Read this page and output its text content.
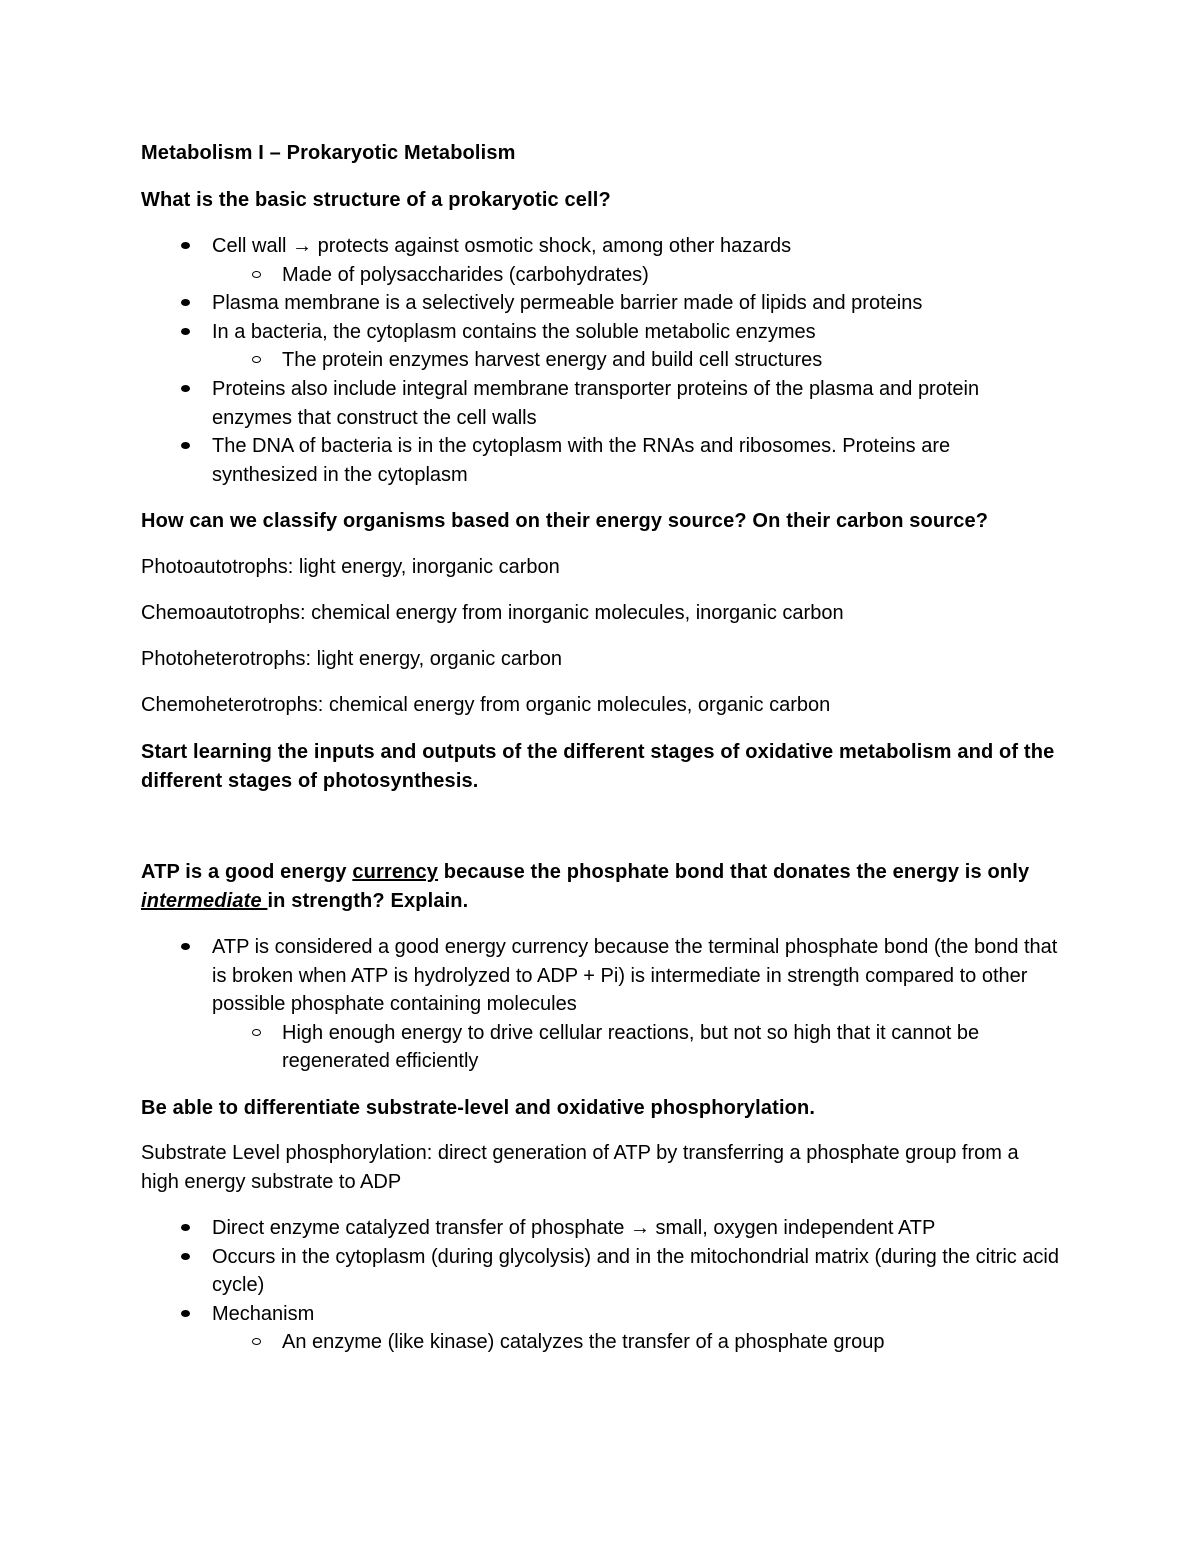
Metabolism I – Prokaryotic Metabolism

What is the basic structure of a prokaryotic cell?

Cell wall → protects against osmotic shock, among other hazards
Made of polysaccharides (carbohydrates)
Plasma membrane is a selectively permeable barrier made of lipids and proteins
In a bacteria, the cytoplasm contains the soluble metabolic enzymes
The protein enzymes harvest energy and build cell structures
Proteins also include integral membrane transporter proteins of the plasma and protein enzymes that construct the cell walls
The DNA of bacteria is in the cytoplasm with the RNAs and ribosomes. Proteins are synthesized in the cytoplasm

How can we classify organisms based on their energy source? On their carbon source?

Photoautotrophs: light energy, inorganic carbon

Chemoautotrophs: chemical energy from inorganic molecules, inorganic carbon

Photoheterotrophs: light energy, organic carbon

Chemoheterotrophs: chemical energy from organic molecules, organic carbon

Start learning the inputs and outputs of the different stages of oxidative metabolism and of the different stages of photosynthesis.

ATP is a good energy currency because the phosphate bond that donates the energy is only intermediate in strength? Explain.

ATP is considered a good energy currency because the terminal phosphate bond (the bond that is broken when ATP is hydrolyzed to ADP + Pi) is intermediate in strength compared to other possible phosphate containing molecules
High enough energy to drive cellular reactions, but not so high that it cannot be regenerated efficiently

Be able to differentiate substrate-level and oxidative phosphorylation.

Substrate Level phosphorylation: direct generation of ATP by transferring a phosphate group from a high energy substrate to ADP

Direct enzyme catalyzed transfer of phosphate → small, oxygen independent ATP
Occurs in the cytoplasm (during glycolysis) and in the mitochondrial matrix (during the citric acid cycle)
Mechanism
An enzyme (like kinase) catalyzes the transfer of a phosphate group
